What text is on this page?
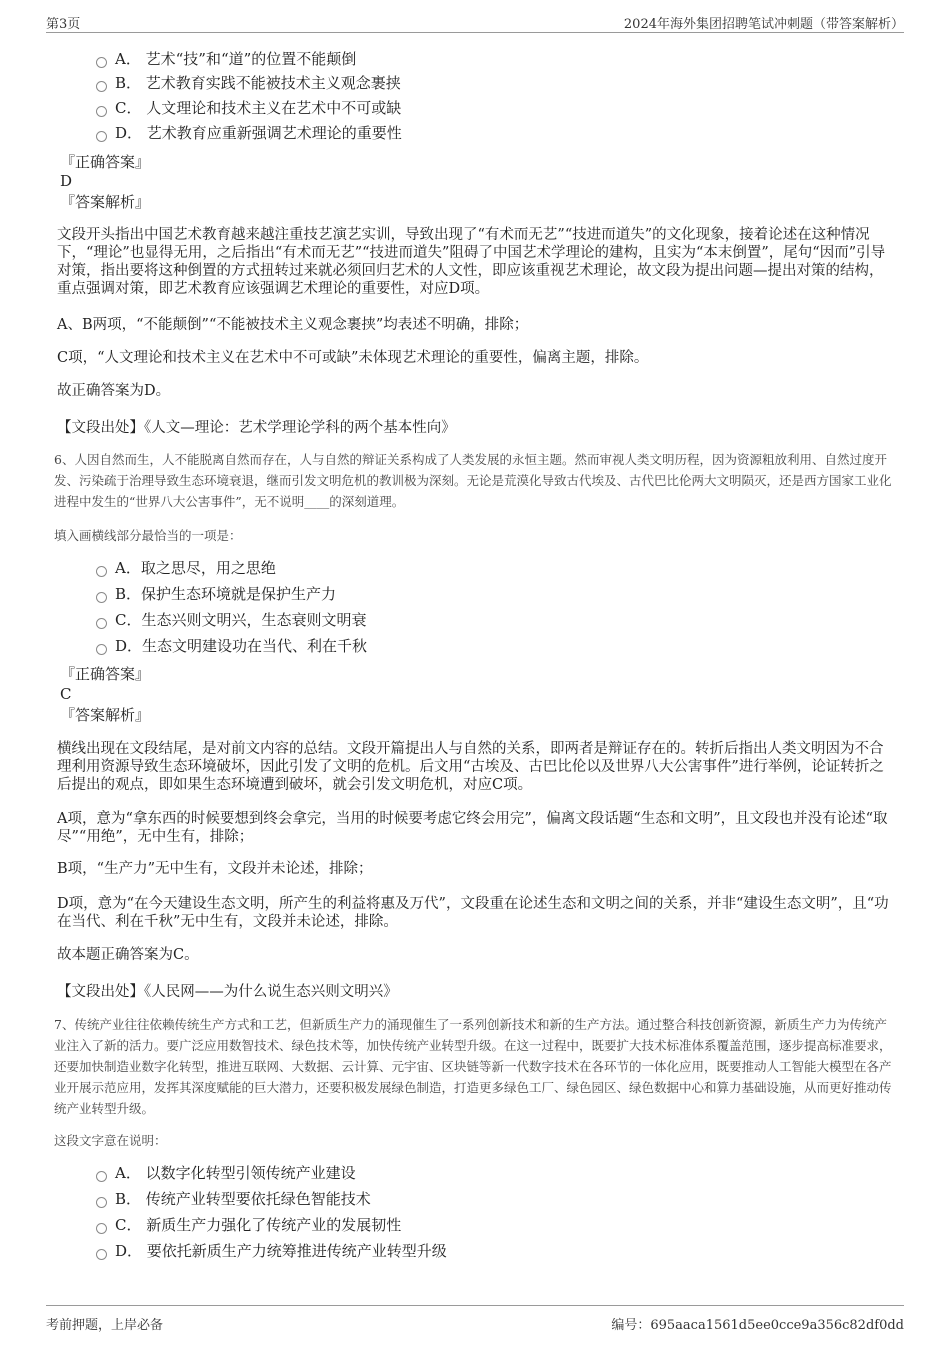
第3页	2024年海外集团招聘笔试冲刺题（带答案解析）
A． 艺术“技”和“道”的位置不能颠倒
B． 艺术教育实践不能被技术主义观念裹挟
C． 人文理论和技术主义在艺术中不可或缺
D． 艺术教育应重新强调艺术理论的重要性
『正确答案』
D
『答案解析』
文段开头指出中国艺术教育越来越注重技艺演艺实训，导致出现了“有术而无艺”“技进而道失”的文化现象，接着论述在这种情况下，“理论”也显得无用，之后指出“有术而无艺”“技进而道失”阻碍了中国艺术学理论的建构，且实为“本末倒置”，尾句“因而”引导对策，指出要将这种倒置的方式扭转过来就必须回归艺术的人文性，即应该重视艺术理论，故文段为提出问题—提出对策的结构，重点强调对策，即艺术教育应该强调艺术理论的重要性，对应D项。
A、B两项，“不能颠倒”“不能被技术主义观念裹挟”均表述不明确，排除；
C项，“人文理论和技术主义在艺术中不可或缺”未体现艺术理论的重要性，偏离主题，排除。
故正确答案为D。
【文段出处】《人文—理论：艺术学理论学科的两个基本性向》
6、人因自然而生，人不能脱离自然而存在，人与自然的辩证关系构成了人类发展的永恒主题。然而审视人类文明历程，因为资源粗放利用、自然过度开发、污染疏于治理导致生态环境衰退，继而引发文明危机的教训极为深刻。无论是荒漠化导致古代埃及、古代巴比伦两大文明陨灭，还是西方国家工业化进程中发生的“世界八大公害事件”，无不说明____的深刻道理。
填入画横线部分最恰当的一项是：
A．取之思尽，用之思绝
B．保护生态环境就是保护生产力
C．生态兴则文明兴，生态衰则文明衰
D．生态文明建设功在当代、利在千秋
『正确答案』
C
『答案解析』
横线出现在文段结尾，是对前文内容的总结。文段开篇提出人与自然的关系，即两者是辩证存在的。转折后指出人类文明因为不合理利用资源导致生态环境破坏，因此引发了文明的危机。后文用“古埃及、古巴比伦以及世界八大公害事件”进行举例，论证转折之后提出的观点，即如果生态环境遭到破坏，就会引发文明危机，对应C项。
A项，意为“拿东西的时候要想到终会拿完，当用的时候要考虑它终会用完”，偏离文段话题“生态和文明”，且文段也并没有论述“取尽”“用绝”，无中生有，排除；
B项，“生产力”无中生有，文段并未论述，排除；
D项，意为“在今天建设生态文明，所产生的利益将惠及万代”，文段重在论述生态和文明之间的关系，并非“建设生态文明”，且“功在当代、利在千秋”无中生有，文段并未论述，排除。
故本题正确答案为C。
【文段出处】《人民网——为什么说生态兴则文明兴》
7、传统产业往往依赖传统生产方式和工艺，但新质生产力的涌现催生了一系列创新技术和新的生产方法。通过整合科技创新资源，新质生产力为传统产业注入了新的活力。要广泛应用数智技术、绿色技术等，加快传统产业转型升级。在这一过程中，既要扩大技术标准体系覆盖范围，逐步提高标准要求，还要加快制造业数字化转型，推进互联网、大数据、云计算、元宇宙、区块链等新一代数字技术在各环节的一体化应用，既要推动人工智能大模型在各产业开展示范应用，发挥其深度赋能的巨大潜力，还要积极发展绿色制造，打造更多绿色工厂、绿色园区、绿色数据中心和算力基础设施，从而更好推动传统产业转型升级。
这段文字意在说明：
A． 以数字化转型引领传统产业建设
B． 传统产业转型要依托绿色智能技术
C． 新质生产力强化了传统产业的发展韧性
D． 要依托新质生产力统筹推进传统产业转型升级
考前押题，上岸必备	编号：695aaca1561d5ee0cce9a356c82df0dd
